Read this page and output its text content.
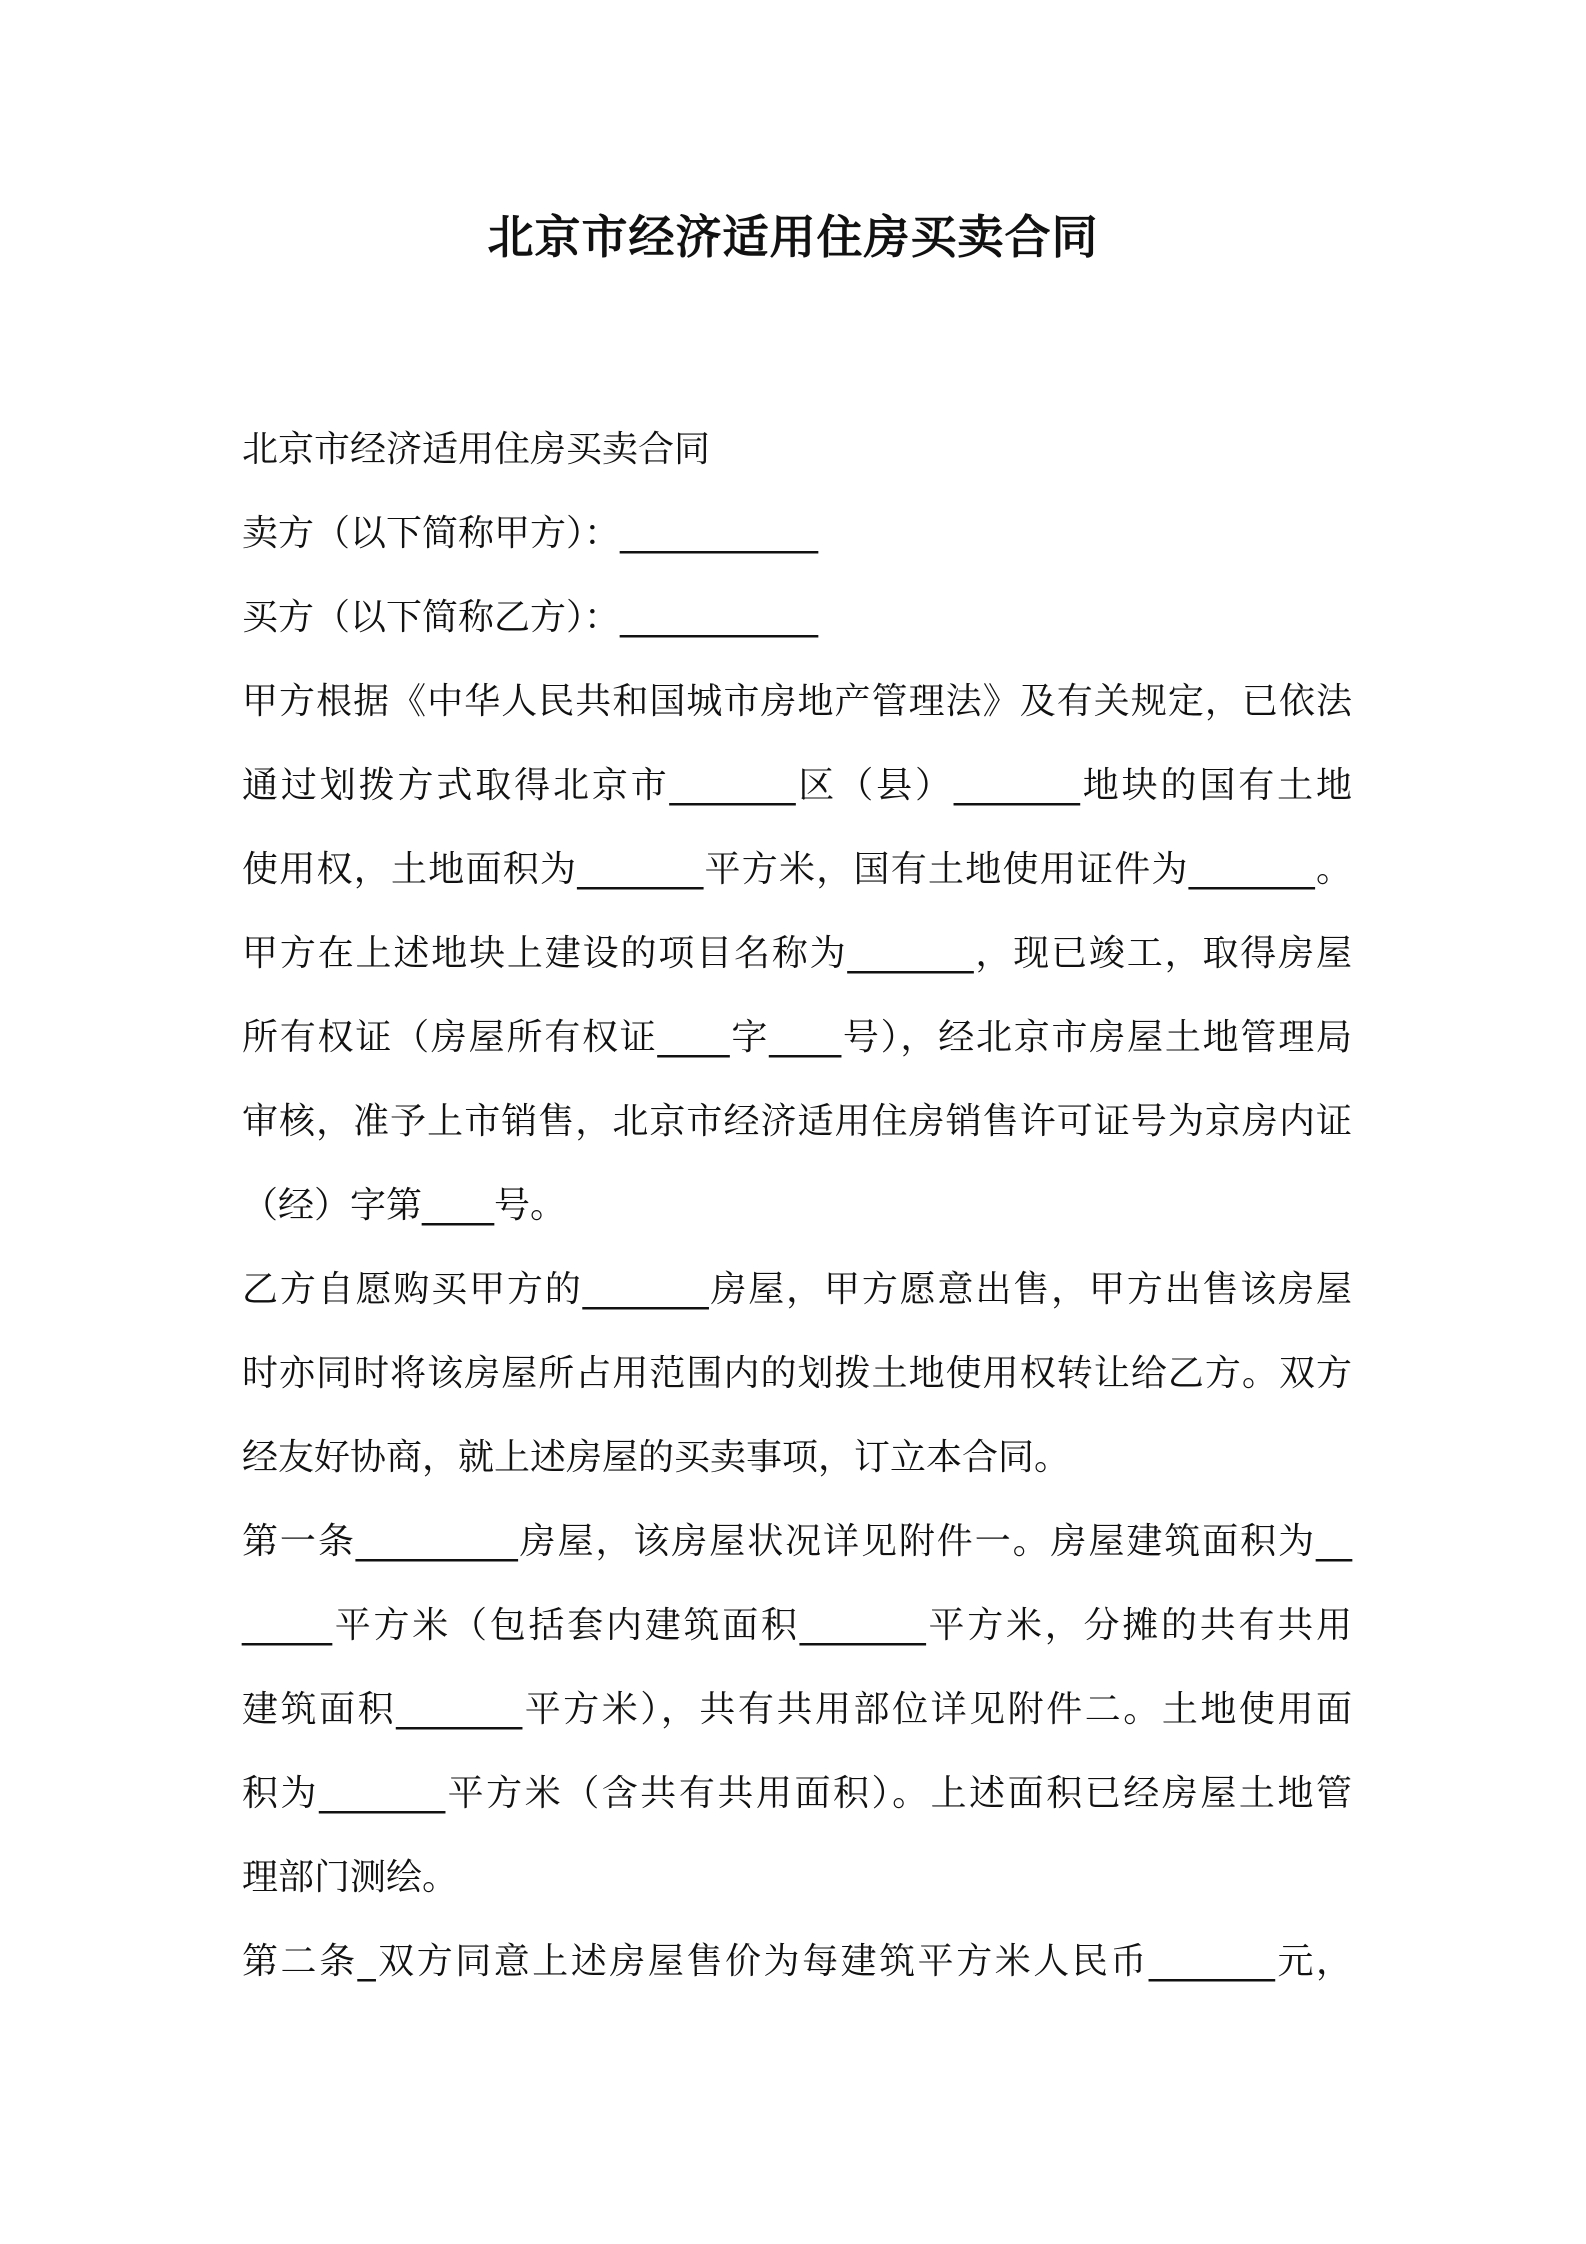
北京市经济适用住房买卖合同
北京市经济适用住房买卖合同
卖方（以下简称甲方）：___________
买方（以下简称乙方）：___________
甲方根据《中华人民共和国城市房地产管理法》及有关规定，已依法
通过划拨方式取得北京市_______区（县）_______地块的国有土地
使用权，土地面积为_______平方米，国有土地使用证件为_______。
甲方在上述地块上建设的项目名称为_______，现已竣工，取得房屋
所有权证（房屋所有权证____字____号），经北京市房屋土地管理局
审核，准予上市销售，北京市经济适用住房销售许可证号为京房内证
（经）字第____号。
乙方自愿购买甲方的_______房屋，甲方愿意出售，甲方出售该房屋
时亦同时将该房屋所占用范围内的划拨土地使用权转让给乙方。双方
经友好协商，就上述房屋的买卖事项，订立本合同。
第一条_________房屋，该房屋状况详见附件一。房屋建筑面积为__
_____平方米（包括套内建筑面积_______平方米，分摊的共有共用
建筑面积_______平方米），共有共用部位详见附件二。土地使用面
积为_______平方米（含共有共用面积）。上述面积已经房屋土地管
理部门测绘。
第二条_双方同意上述房屋售价为每建筑平方米人民币_______元，
